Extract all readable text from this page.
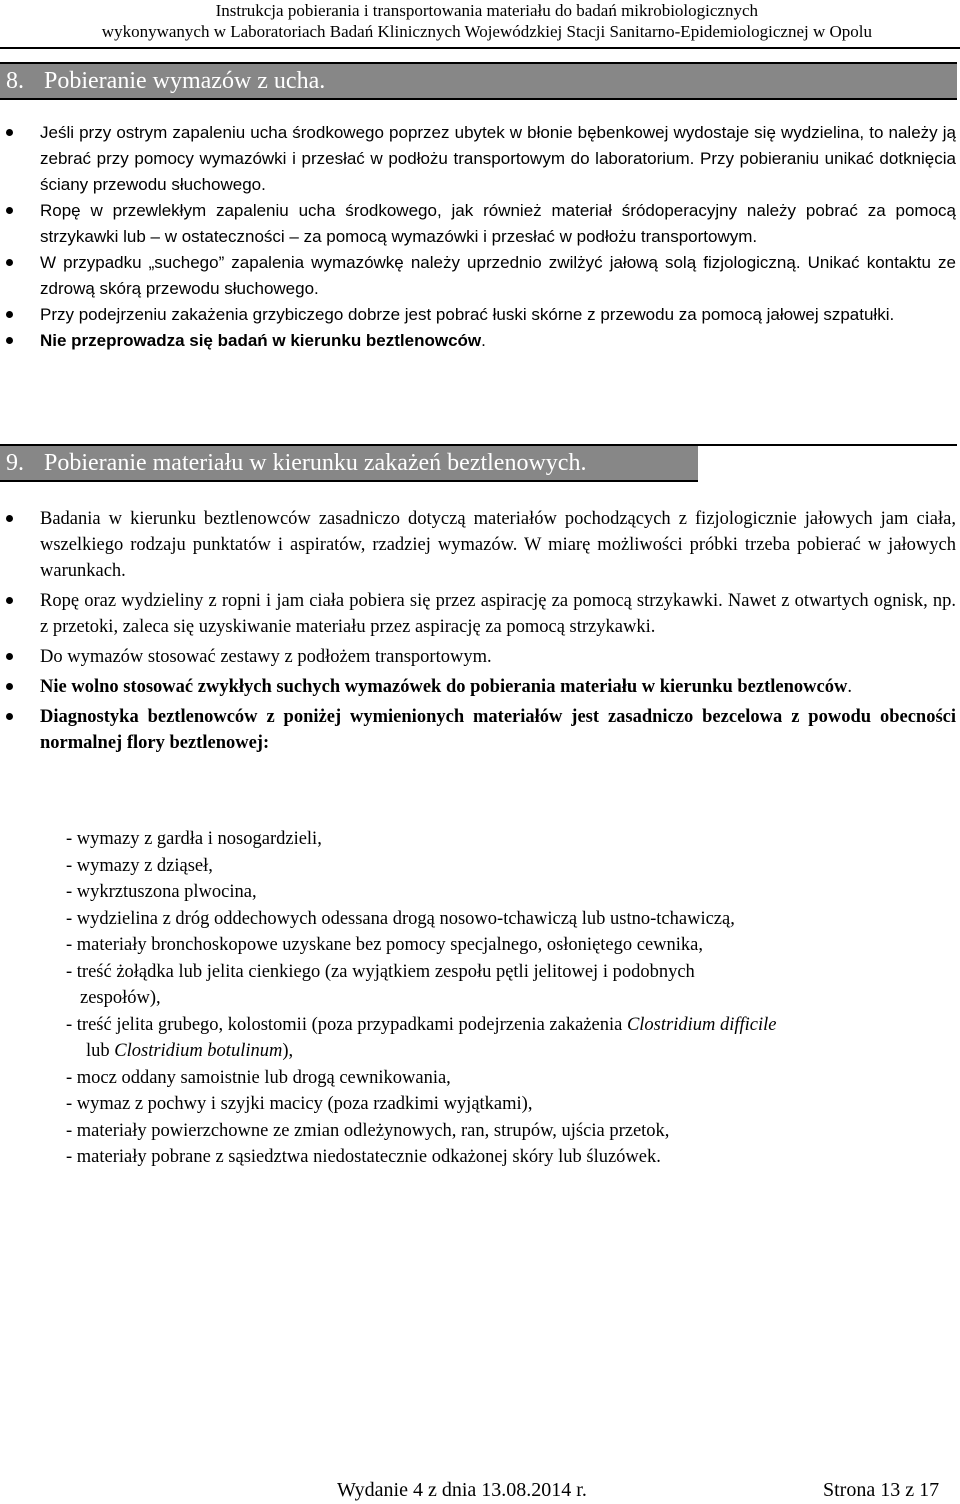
Instrukcja pobierania i transportowania materiału do badań mikrobiologicznych
wykonywanych w Laboratoriach Badań Klinicznych Wojewódzkiej Stacji Sanitarno-Epidemiologicznej w Opolu
8. Pobieranie wymazów z ucha.
Jeśli przy ostrym zapaleniu ucha środkowego poprzez ubytek w błonie bębenkowej wydostaje się wydzielina, to należy ją zebrać przy pomocy wymazówki i przesłać w podłożu transportowym do laboratorium. Przy pobieraniu unikać dotknięcia ściany przewodu słuchowego.
Ropę w przewlekłym zapaleniu ucha środkowego, jak również materiał śródoperacyjny należy pobrać za pomocą strzykawki lub – w ostateczności – za pomocą wymazówki i przesłać w podłożu transportowym.
W przypadku „suchego” zapalenia wymazówkę należy uprzednio zwilżyć jałową solą fizjologiczną. Unikać kontaktu ze zdrową skórą przewodu słuchowego.
Przy podejrzeniu zakażenia grzybiczego dobrze jest pobrać łuski skórne z przewodu za pomocą jałowej szpatułki.
Nie przeprowadza się badań w kierunku beztlenowców.
9. Pobieranie materiału w kierunku zakażeń beztlenowych.
Badania w kierunku beztlenowców zasadniczo dotyczą materiałów pochodzących z fizjologicznie jałowych jam ciała, wszelkiego rodzaju punktatów i aspiratów, rzadziej wymazów. W miarę możliwości próbki trzeba pobierać w jałowych warunkach.
Ropę oraz wydzieliny z ropni i jam ciała pobiera się przez aspirację za pomocą strzykawki. Nawet z otwartych ognisk, np. z przetoki, zaleca się uzyskiwanie materiału przez aspirację za pomocą strzykawki.
Do wymazów stosować zestawy z podłożem transportowym.
Nie wolno stosować zwykłych suchych wymazówek do pobierania materiału w kierunku beztlenowców.
Diagnostyka beztlenowców z poniżej wymienionych materiałów jest zasadniczo bezcelowa z powodu obecności normalnej flory beztlenowej:
- wymazy z gardła i nosogardzieli,
- wymazy z dziąseł,
- wykrztuszona plwocina,
- wydzielina z dróg oddechowych odessana drogą nosowo-tchawiczą lub ustno-tchawiczą,
- materiały bronchoskopowe uzyskane bez pomocy specjalnego, osłoniętego cewnika,
- treść żołądka lub jelita cienkiego (za wyjątkiem zespołu pętli jelitowej i podobnych
zespołów),
- treść jelita grubego, kolostomii (poza przypadkami podejrzenia zakażenia Clostridium difficile
lub Clostridium botulinum),
- mocz oddany samoistnie lub drogą cewnikowania,
- wymaz z pochwy i szyjki macicy (poza rzadkimi wyjątkami),
- materiały powierzchowne ze zmian odleżynowych, ran, strupów, ujścia przetok,
- materiały pobrane z sąsiedztwa niedostatecznie odkażonej skóry lub śluzówek.
Wydanie 4 z dnia 13.08.2014 r.	Strona 13 z 17
